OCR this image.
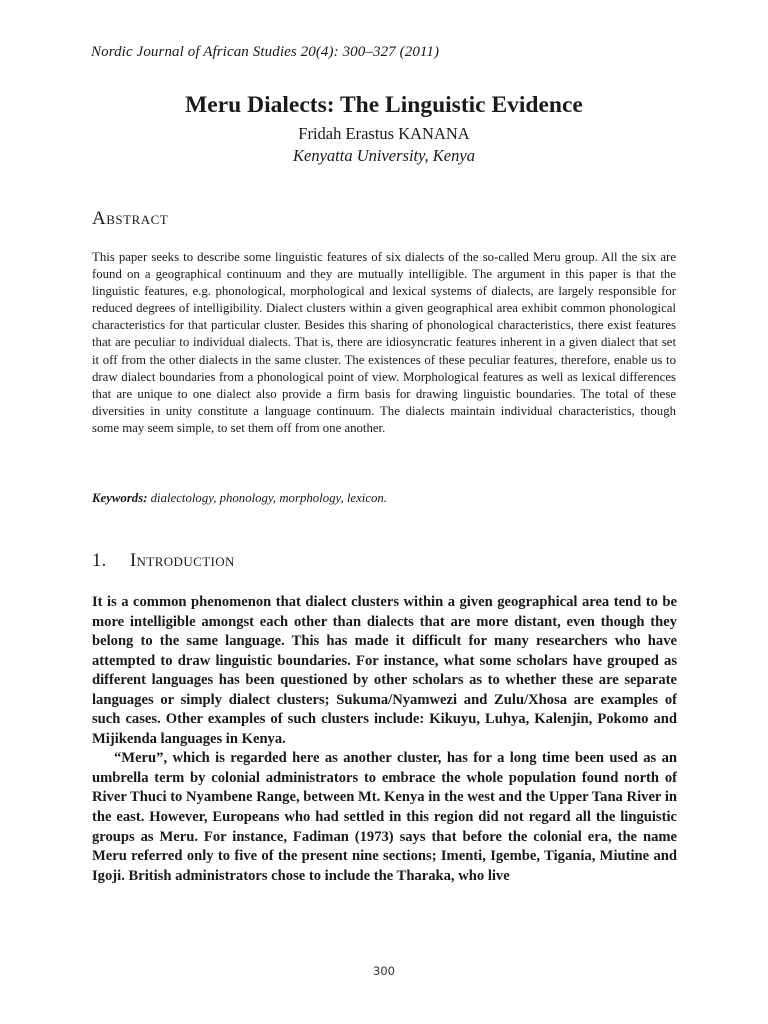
Nordic Journal of African Studies 20(4): 300–327 (2011)
Meru Dialects: The Linguistic Evidence
Fridah Erastus KANANA
Kenyatta University, Kenya
Abstract
This paper seeks to describe some linguistic features of six dialects of the so-called Meru group. All the six are found on a geographical continuum and they are mutually intelligible. The argument in this paper is that the linguistic features, e.g. phonological, morphological and lexical systems of dialects, are largely responsible for reduced degrees of intelligibility. Dialect clusters within a given geographical area exhibit common phonological characteristics for that particular cluster. Besides this sharing of phonological characteristics, there exist features that are peculiar to individual dialects. That is, there are idiosyncratic features inherent in a given dialect that set it off from the other dialects in the same cluster. The existences of these peculiar features, therefore, enable us to draw dialect boundaries from a phonological point of view. Morphological features as well as lexical differences that are unique to one dialect also provide a firm basis for drawing linguistic boundaries. The total of these diversities in unity constitute a language continuum. The dialects maintain individual characteristics, though some may seem simple, to set them off from one another.
Keywords: dialectology, phonology, morphology, lexicon.
1. Introduction

It is a common phenomenon that dialect clusters within a given geographical area tend to be more intelligible amongst each other than dialects that are more distant, even though they belong to the same language. This has made it difficult for many researchers who have attempted to draw linguistic boundaries. For instance, what some scholars have grouped as different languages has been questioned by other scholars as to whether these are separate languages or simply dialect clusters; Sukuma/Nyamwezi and Zulu/Xhosa are examples of such cases. Other examples of such clusters include: Kikuyu, Luhya, Kalenjin, Pokomo and Mijikenda languages in Kenya.

“Meru”, which is regarded here as another cluster, has for a long time been used as an umbrella term by colonial administrators to embrace the whole population found north of River Thuci to Nyambene Range, between Mt. Kenya in the west and the Upper Tana River in the east. However, Europeans who had settled in this region did not regard all the linguistic groups as Meru. For instance, Fadiman (1973) says that before the colonial era, the name Meru referred only to five of the present nine sections; Imenti, Igembe, Tigania, Miutine and Igoji. British administrators chose to include the Tharaka, who live

300
